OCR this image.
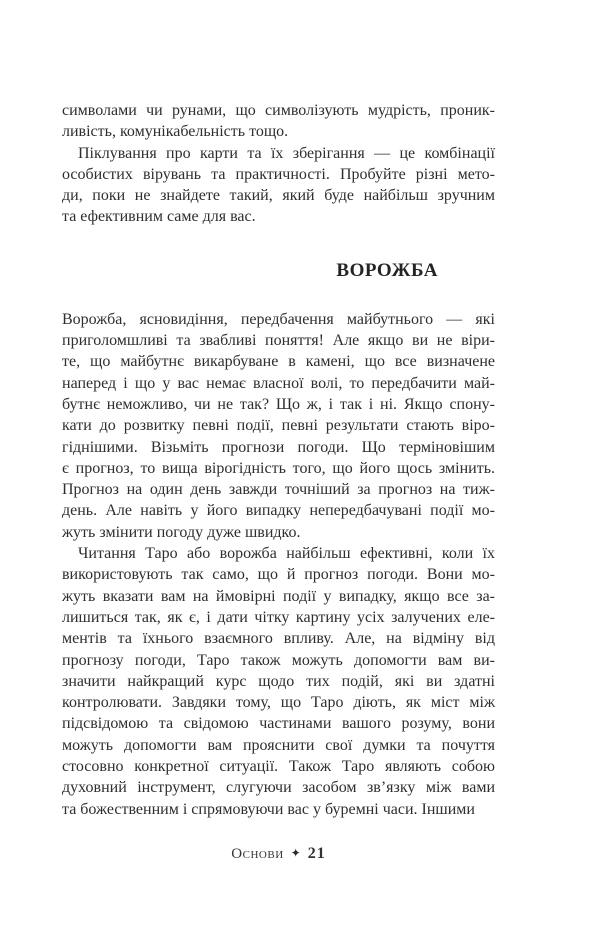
символами чи рунами, що символізують мудрість, проник-
ливість, комунікабельність тощо.

Піклування про карти та їх зберігання — це комбінації
особистих вірувань та практичності. Пробуйте різні мето-
ди, поки не знайдете такий, який буде найбільш зручним
та ефективним саме для вас.

ВОРОЖБА

Ворожба, ясновидіння, передбачення майбутнього — які
приголомшливі та звабливі поняття! Але якщо ви не віри-
те, що майбутнє викарбуване в камені, що все визначене
наперед і що у вас немає власної волі, то передбачити май-
бутнє неможливо, чи не так? Що ж, і так і ні. Якщо спону-
кати до розвитку певні події, певні результати стають віро-
гіднішими. Візьміть прогнози погоди. Що терміновішим
є прогноз, то вища вірогідність того, що його щось змінить.
Прогноз на один день завжди точніший за прогноз на тиж-
день. Але навіть у його випадку непередбачувані події мо-
жуть змінити погоду дуже швидко.

Читання Таро або ворожба найбільш ефективні, коли їх
використовують так само, що й прогноз погоди. Вони мо-
жуть вказати вам на ймовірні події у випадку, якщо все за-
лишиться так, як є, і дати чітку картину усіх залучених еле-
ментів та їхнього взаємного впливу. Але, на відміну від
прогнозу погоди, Таро також можуть допомогти вам ви-
значити найкращий курс щодо тих подій, які ви здатні
контролювати. Завдяки тому, що Таро діють, як міст між
підсвідомою та свідомою частинами вашого розуму, вони
можуть допомогти вам прояснити свої думки та почуття
стосовно конкретної ситуації. Також Таро являють собою
духовний інструмент, слугуючи засобом зв’язку між вами
та божественним і спрямовуючи вас у буремні часи. Іншими

Основи ✦ 21
